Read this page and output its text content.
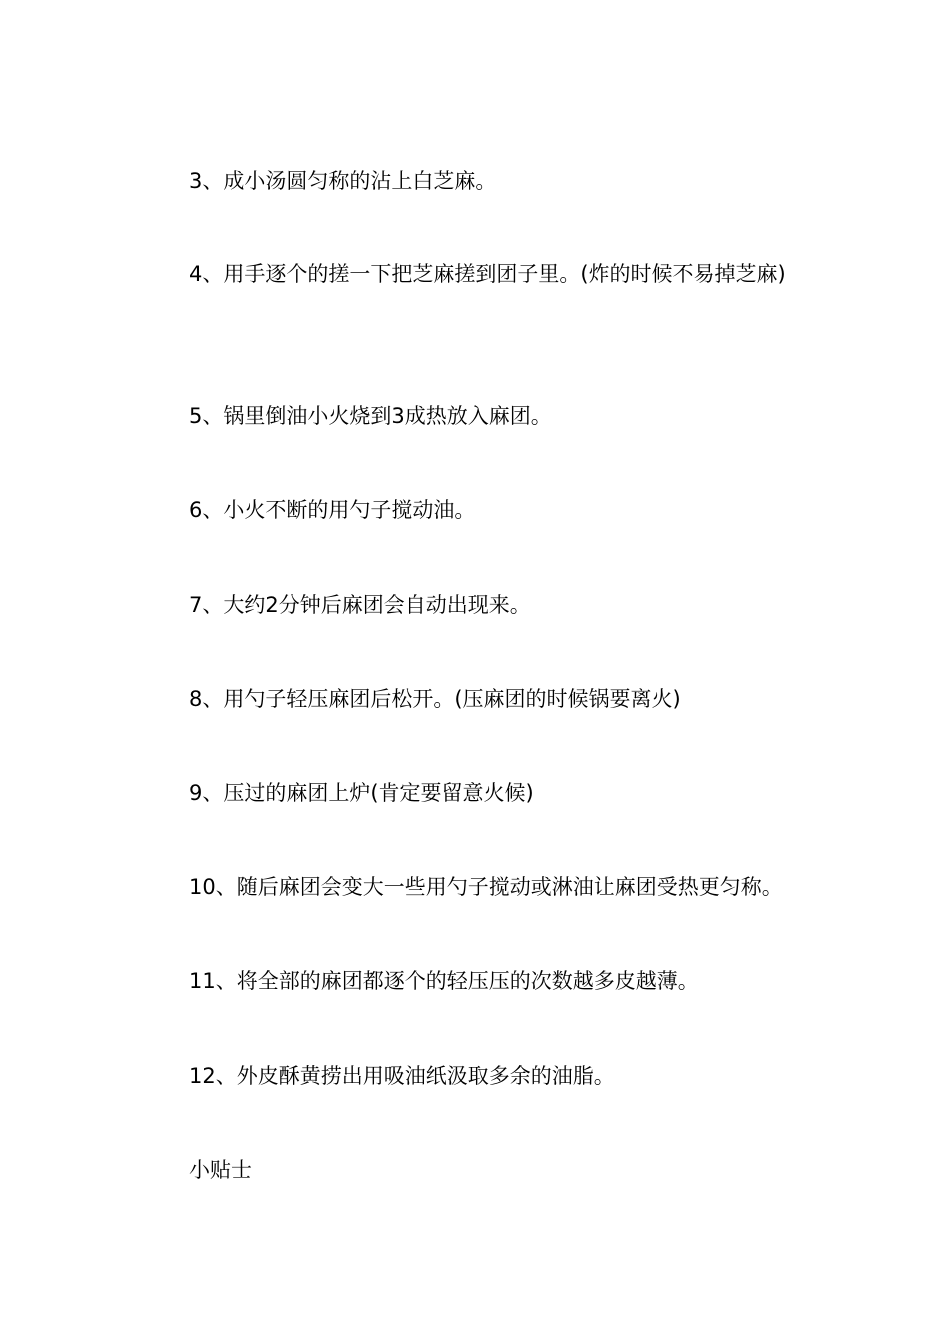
3、成小汤圆匀称的沾上白芝麻。

4、用手逐个的搓一下把芝麻搓到团子里。(炸的时候不易掉芝麻)

5、锅里倒油小火烧到3成热放入麻团。

6、小火不断的用勺子搅动油。

7、大约2分钟后麻团会自动出现来。

8、用勺子轻压麻团后松开。(压麻团的时候锅要离火)

9、压过的麻团上炉(肯定要留意火候)

10、随后麻团会变大一些用勺子搅动或淋油让麻团受热更匀称。

11、将全部的麻团都逐个的轻压压的次数越多皮越薄。

12、外皮酥黄捞出用吸油纸汲取多余的油脂。

小贴士
